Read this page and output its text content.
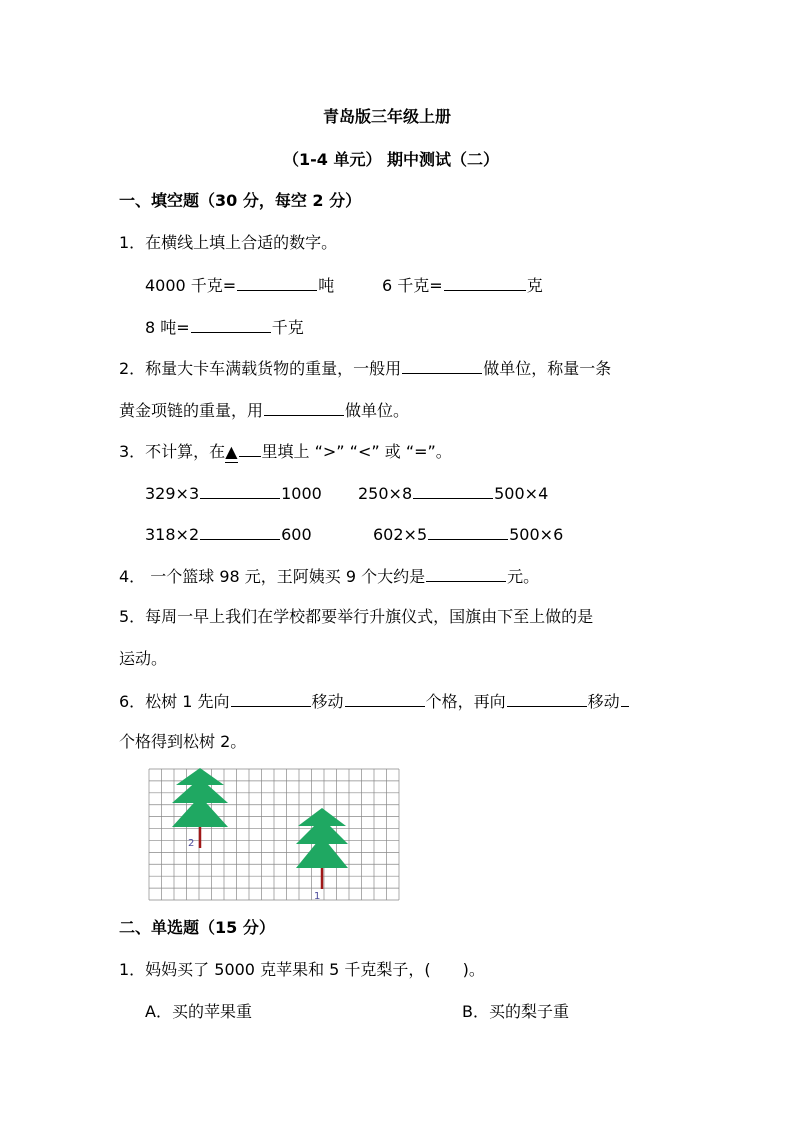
青岛版三年级上册
（1-4 单元） 期中测试（二）
一、填空题（30 分，每空 2 分）
1．在横线上填上合适的数字。
4000 千克=	吨	6 千克=	克
8 吨=	千克
2．称量大卡车满载货物的重量，一般用	做单位，称量一条
黄金项链的重量，用	做单位。
3．不计算，在▲ 里填上 “>” “<” 或 “=”。
329×3	1000 250×8	500×4
318×2	600	602×5	500×6
4． 一个篮球 98 元，王阿姨买 9 个大约是	元。
5．每周一早上我们在学校都要举行升旗仪式，国旗由下至上做的是
运动。
6．松树 1 先向	移动	个格，再向	移动
个格得到松树 2。
2
1
二、单选题（15 分）
1．妈妈买了 5000 克苹果和 5 千克梨子，(　　)。
A．买的苹果重	B．买的梨子重
